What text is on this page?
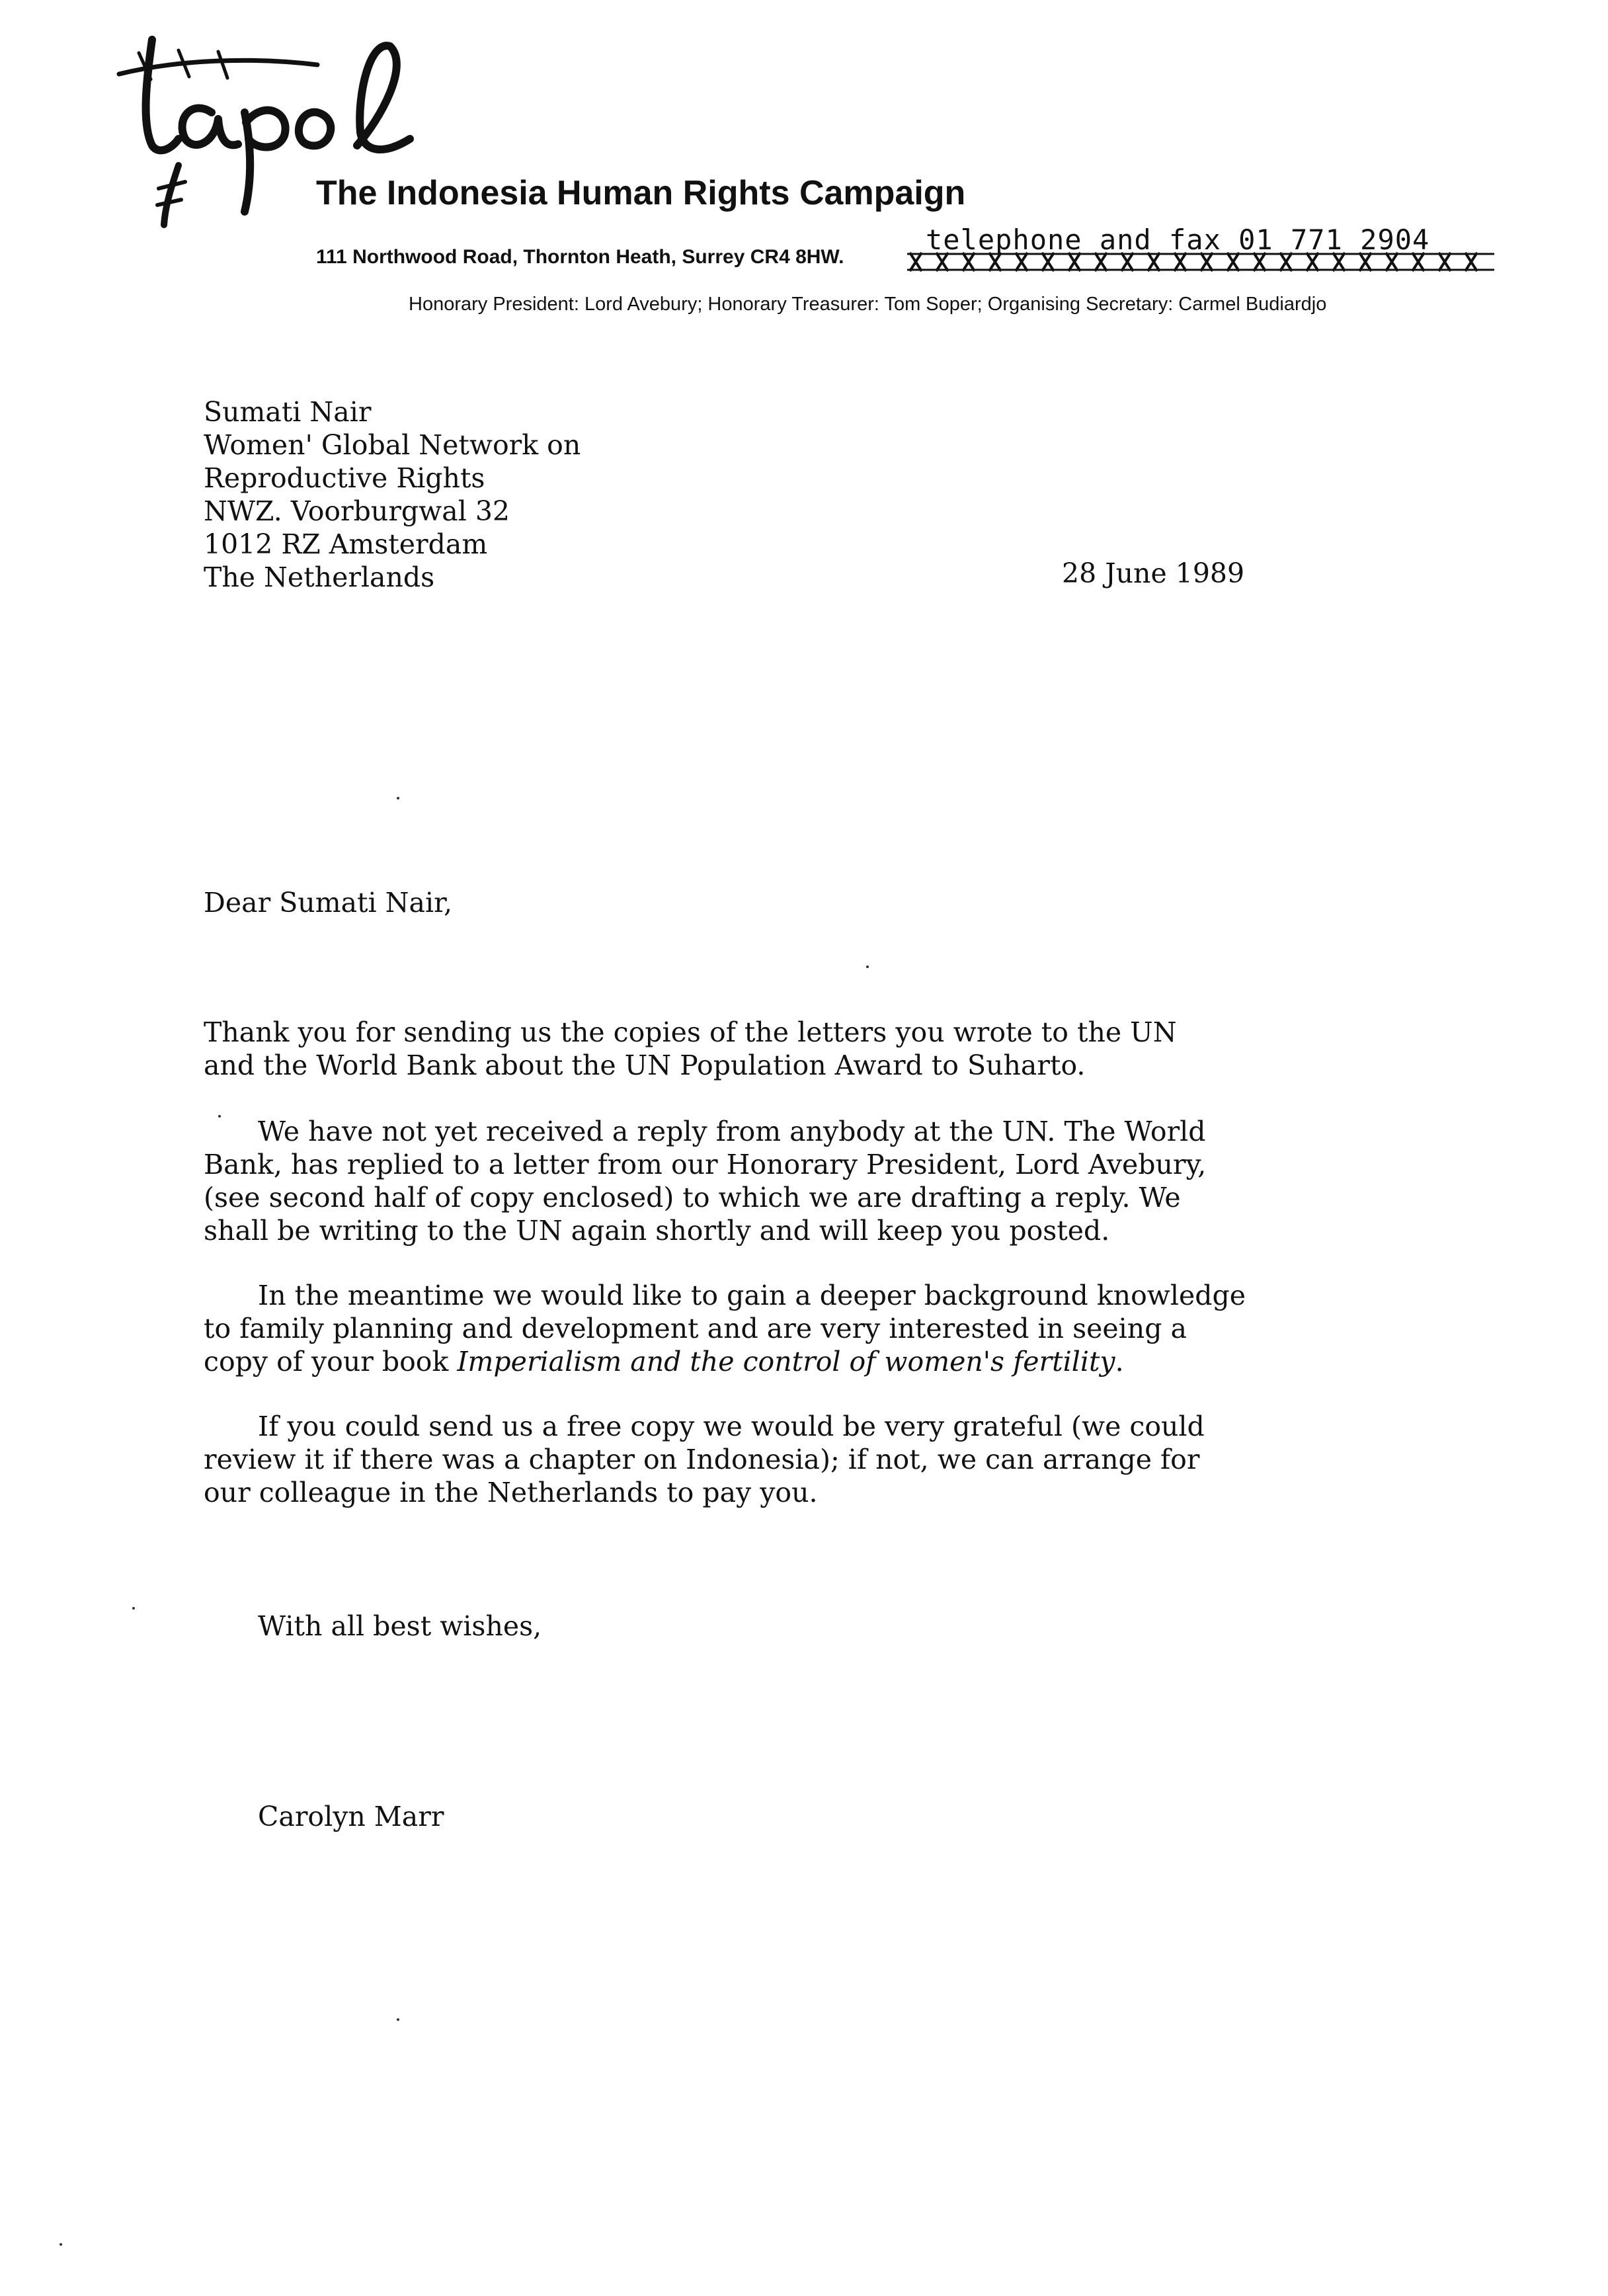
The Indonesia Human Rights Campaign
111 Northwood Road, Thornton Heath, Surrey CR4 8HW.
telephone and fax 01 771 2904
Honorary President: Lord Avebury; Honorary Treasurer: Tom Soper; Organising Secretary: Carmel Budiardjo
Sumati Nair
Women' Global Network on
Reproductive Rights
NWZ. Voorburgwal 32
1012 RZ Amsterdam
The Netherlands	28 June 1989
Dear Sumati Nair,
Thank you for sending us the copies of the letters you wrote to the UN
and the World Bank about the UN Population Award to Suharto.
We have not yet received a reply from anybody at the UN. The World
Bank, has replied to a letter from our Honorary President, Lord Avebury,
(see second half of copy enclosed) to which we are drafting a reply. We
shall be writing to the UN again shortly and will keep you posted.
In the meantime we would like to gain a deeper background knowledge
to family planning and development and are very interested in seeing a
copy of your book Imperialism and the control of women's fertility.
If you could send us a free copy we would be very grateful (we could
review it if there was a chapter on Indonesia); if not, we can arrange for
our colleague in the Netherlands to pay you.
With all best wishes,
Carolyn Marr
